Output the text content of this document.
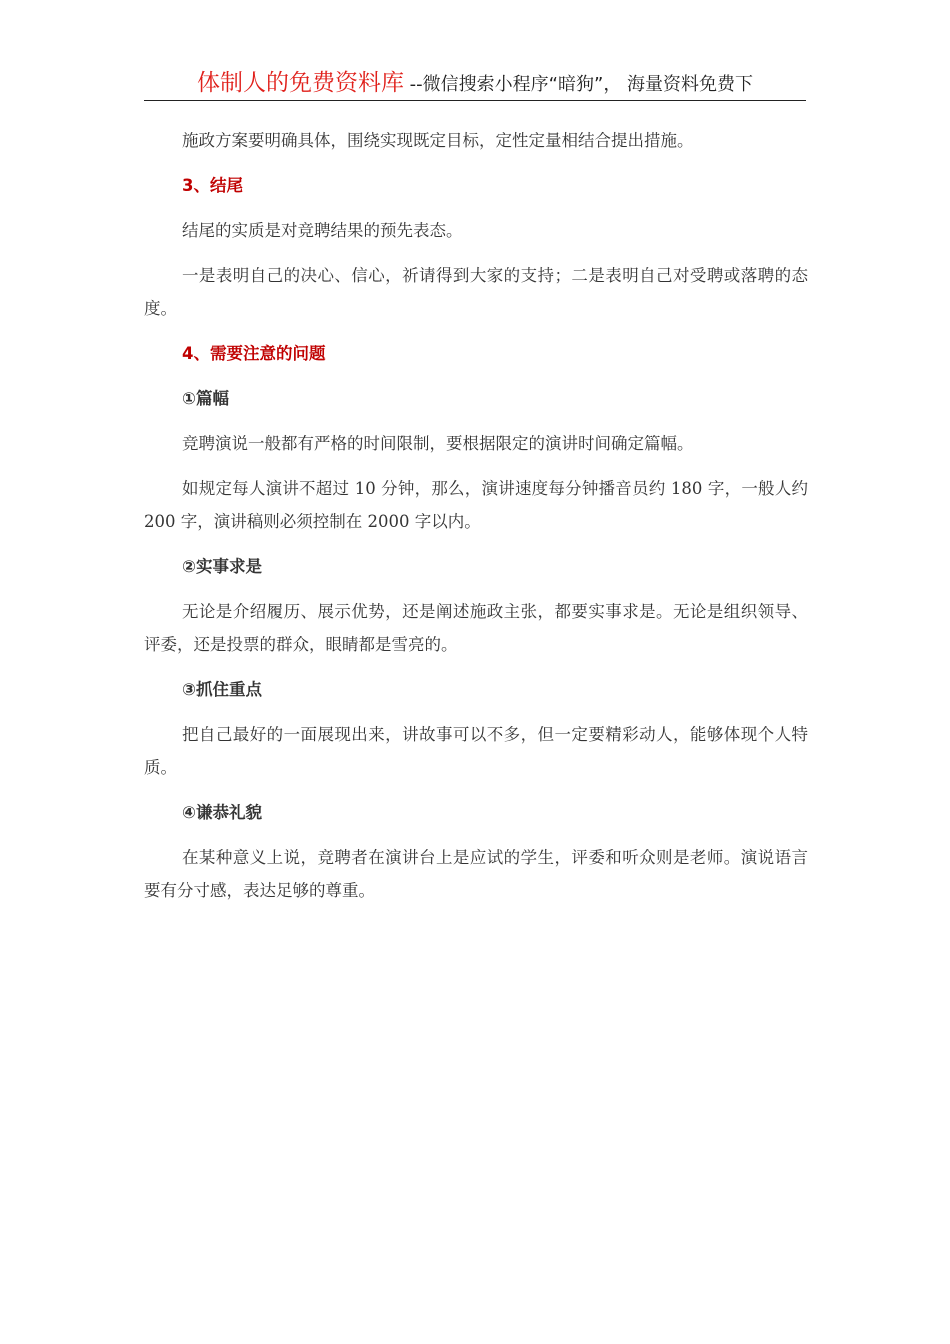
体制人的免费资料库 --微信搜索小程序“暗狗”， 海量资料免费下

施政方案要明确具体，围绕实现既定目标，定性定量相结合提出措施。

3、结尾

结尾的实质是对竞聘结果的预先表态。

一是表明自己的决心、信心，祈请得到大家的支持；二是表明自己对受聘或落聘的态度。

4、需要注意的问题
①篇幅

竞聘演说一般都有严格的时间限制，要根据限定的演讲时间确定篇幅。

如规定每人演讲不超过 10 分钟，那么，演讲速度每分钟播音员约 180 字，一般人约 200 字，演讲稿则必须控制在 2000 字以内。

②实事求是

无论是介绍履历、展示优势，还是阐述施政主张，都要实事求是。无论是组织领导、评委，还是投票的群众，眼睛都是雪亮的。

③抓住重点

把自己最好的一面展现出来，讲故事可以不多，但一定要精彩动人，能够体现个人特质。

④谦恭礼貌

在某种意义上说，竞聘者在演讲台上是应试的学生，评委和听众则是老师。演说语言要有分寸感，表达足够的尊重。
